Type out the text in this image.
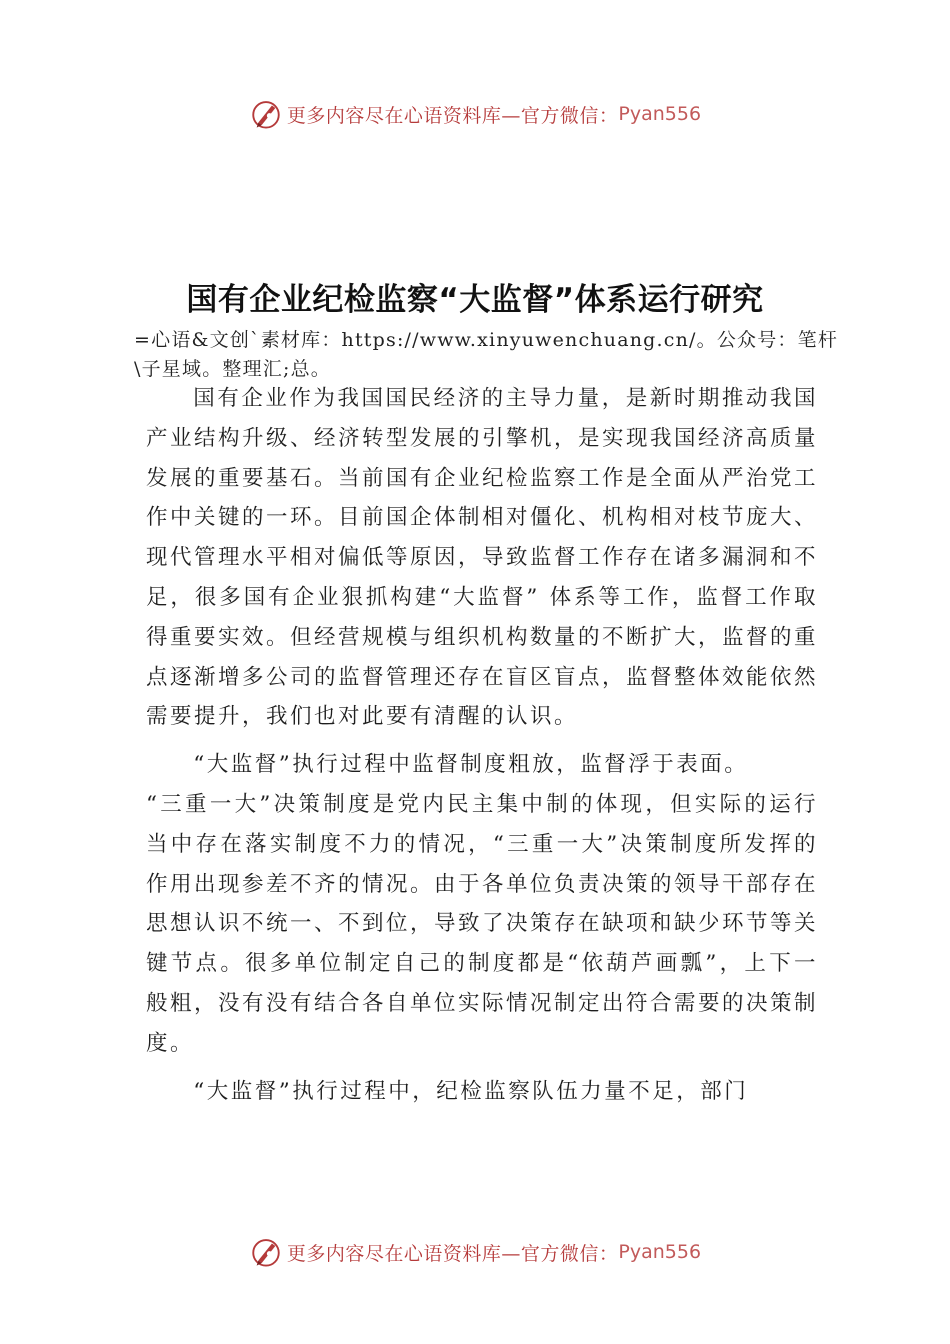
更多内容尽在心语资料库—官方微信： Pyan556
国有企业纪检监察“大监督”体系运行研究
=心语&文创`素材库：https://www.xinyuwenchuang.cn/。公众号：笔杆\子星域。整理汇;总。

国有企业作为我国国民经济的主导力量，是新时期推动我国产业结构升级、经济转型发展的引擎机，是实现我国经济高质量发展的重要基石。当前国有企业纪检监察工作是全面从严治党工作中关键的一环。目前国企体制相对僵化、机构相对枝节庞大、现代管理水平相对偏低等原因，导致监督工作存在诸多漏洞和不足，很多国有企业狠抓构建“大监督” 体系等工作，监督工作取得重要实效。但经营规模与组织机构数量的不断扩大，监督的重点逐渐增多公司的监督管理还存在盲区盲点，监督整体效能依然需要提升，我们也对此要有清醒的认识。

“大监督”执行过程中监督制度粗放，监督浮于表面。

“三重一大”决策制度是党内民主集中制的体现，但实际的运行当中存在落实制度不力的情况，“三重一大”决策制度所发挥的作用出现参差不齐的情况。由于各单位负责决策的领导干部存在思想认识不统一、不到位，导致了决策存在缺项和缺少环节等关键节点。很多单位制定自己的制度都是“依葫芦画瓢”，上下一般粗，没有没有结合各自单位实际情况制定出符合需要的决策制度。

“大监督”执行过程中，纪检监察队伍力量不足，部门

更多内容尽在心语资料库—官方微信： Pyan556
